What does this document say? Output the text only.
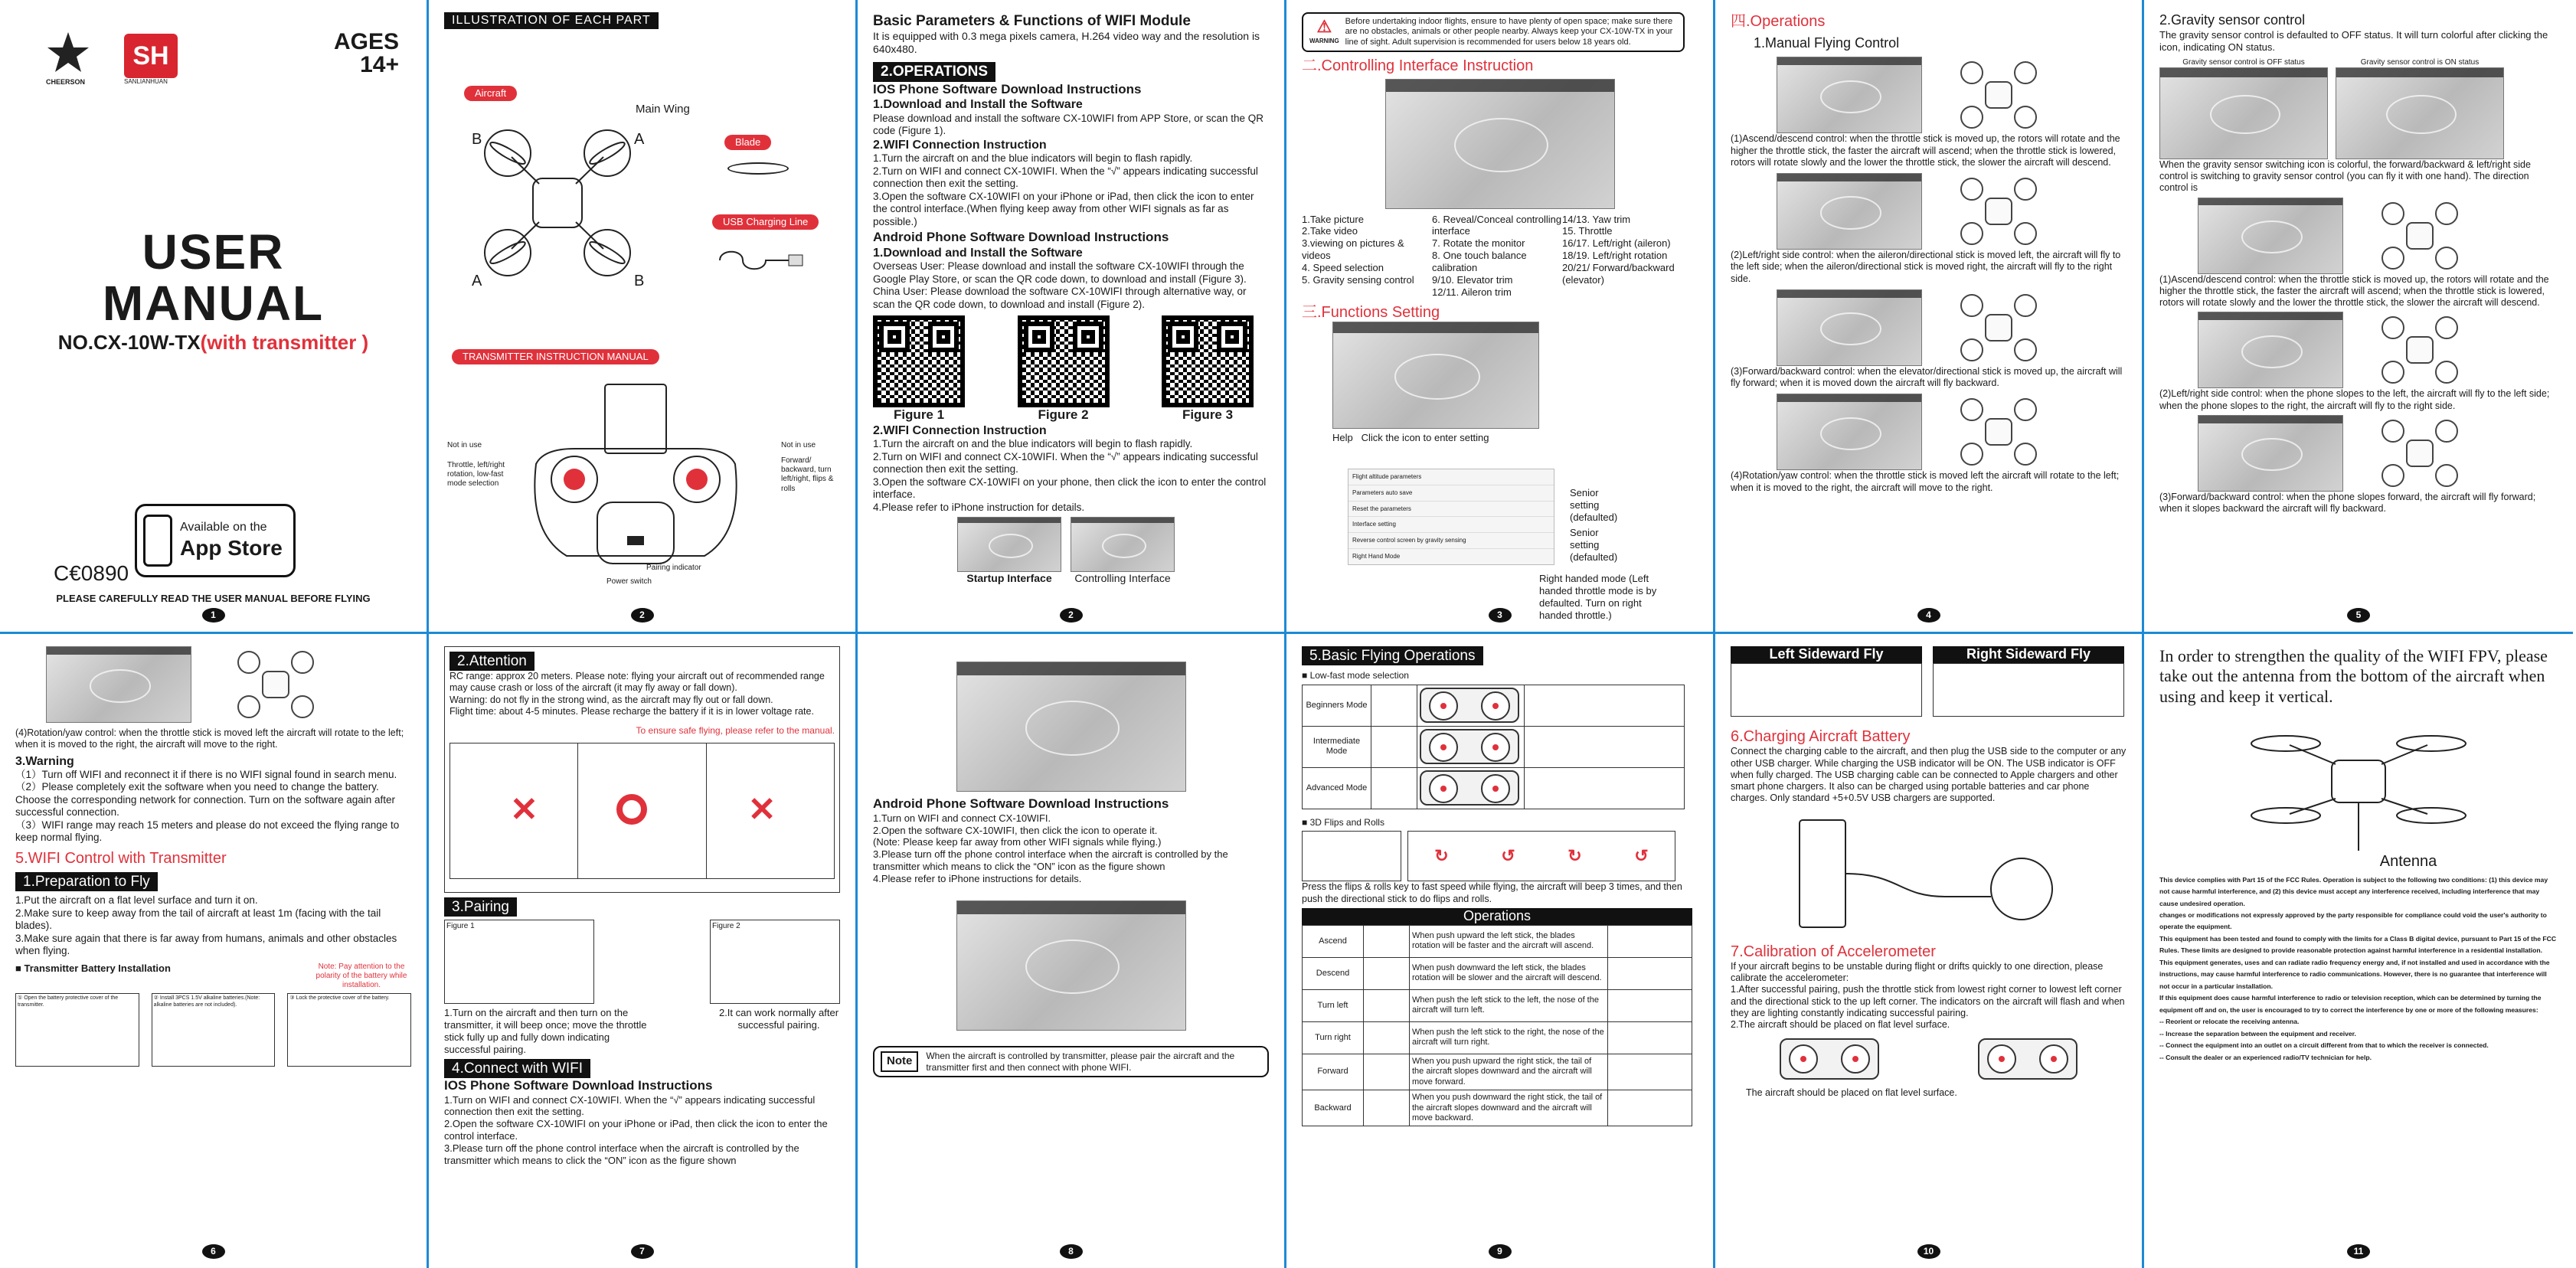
CHEERSON
SH
SANLIANHUAN
AGES
14+
USER
MANUAL
NO.CX-10W-TX(with transmitter )
Available on the
App Store
C€0890
PLEASE CAREFULLY READ THE USER MANUAL BEFORE FLYING
1
ILLUSTRATION OF EACH PART
Aircraft
Main Wing
B	A
A	B
Blade
USB Charging Line
TRANSMITTER INSTRUCTION MANUAL
Not in use
Throttle, left/right rotation, low-fast mode selection
Not in use
Forward/ backward, turn left/right, flips & rolls
Pairing indicator
Power switch
2
Basic Parameters & Functions of WIFI Module
It is equipped with 0.3 mega pixels camera, H.264 video way and the resolution is 640x480.
2.OPERATIONS
IOS Phone Software Download Instructions
1.Download and Install the Software
Please download and install the software CX-10WIFI from APP Store, or scan the QR code (Figure 1).
2.WIFI Connection Instruction
1.Turn the aircraft on and the blue indicators will begin to flash rapidly.
2.Turn on WIFI and connect CX-10WIFI. When the “√” appears indicating successful connection then exit the setting.
3.Open the software CX-10WIFI on your iPhone or iPad, then click the icon to enter the control interface.(When flying keep away from other WIFI signals as far as possible.)
Android Phone Software Download Instructions
1.Download and Install the Software
Overseas User: Please download and install the software CX-10WIFI through the Google Play Store, or scan the QR code down, to download and install (Figure 3). China User: Please download the software CX-10WIFI through alternative way, or scan the QR code down, to download and install (Figure 2).
Figure 1	Figure 2	Figure 3
2.WIFI Connection Instruction
1.Turn the aircraft on and the blue indicators will begin to flash rapidly.
2.Turn on WIFI and connect CX-10WIFI. When the “√” appears indicating successful connection then exit the setting.
3.Open the software CX-10WIFI on your phone, then click the icon to enter the control interface.
4.Please refer to iPhone instruction for details.
Startup Interface	Controlling Interface
2
⚠
WARNING
Before undertaking indoor flights, ensure to have plenty of open space; make sure there are no obstacles, animals or other people nearby. Always keep your CX-10W-TX in your line of sight. Adult supervision is recommended for users below 18 years old.
二.Controlling Interface Instruction
1.Take picture
2.Take video
3.viewing on pictures & videos
4. Speed selection
5. Gravity sensing control
6. Reveal/Conceal controlling interface
7. Rotate the monitor
8. One touch balance calibration
9/10. Elevator trim
12/11. Aileron trim
14/13. Yaw trim
15. Throttle
16/17. Left/right (aileron)
18/19. Left/right rotation
20/21/ Forward/backward (elevator)
三.Functions Setting
Help Click the icon to enter setting
Flight altitude parameters
Parameters auto save
Reset the parameters
Interface setting
Reverse control screen by gravity sensing
Right Hand Mode
Senior setting (defaulted)
Senior setting (defaulted)
Right handed mode (Left handed throttle mode is by defaulted. Turn on right handed throttle.)
3
四.Operations
1.Manual Flying Control
(1)Ascend/descend control: when the throttle stick is moved up, the rotors will rotate and the higher the throttle stick, the faster the aircraft will ascend; when the throttle stick is lowered, rotors will rotate slowly and the lower the throttle stick, the slower the aircraft will descend.
(2)Left/right side control: when the aileron/directional stick is moved left, the aircraft will fly to the left side; when the aileron/directional stick is moved right, the aircraft will fly to the right side.
(3)Forward/backward control: when the elevator/directional stick is moved up, the aircraft will fly forward; when it is moved down the aircraft will fly backward.
(4)Rotation/yaw control: when the throttle stick is moved left the aircraft will rotate to the left; when it is moved to the right, the aircraft will move to the right.
4
2.Gravity sensor control
The gravity sensor control is defaulted to OFF status. It will turn colorful after clicking the icon, indicating ON status.
Gravity sensor control is OFF status	Gravity sensor control is ON status
When the gravity sensor switching icon is colorful, the forward/backward & left/right side control is switching to gravity sensor control (you can fly it with one hand). The direction control is
(1)Ascend/descend control: when the throttle stick is moved up, the rotors will rotate and the higher the throttle stick, the faster the aircraft will ascend; when the throttle stick is lowered, rotors will rotate slowly and the lower the throttle stick, the slower the aircraft will descend.
(2)Left/right side control: when the phone slopes to the left, the aircraft will fly to the left side; when the phone slopes to the right, the aircraft will fly to the right side.
(3)Forward/backward control: when the phone slopes forward, the aircraft will fly forward; when it slopes backward the aircraft will fly backward.
5
(4)Rotation/yaw control: when the throttle stick is moved left the aircraft will rotate to the left; when it is moved to the right, the aircraft will move to the right.
3.Warning
（1）Turn off WIFI and reconnect it if there is no WIFI signal found in search menu.
（2）Please completely exit the software when you need to change the battery. Choose the corresponding network for connection. Turn on the software again after successful connection.
（3）WIFI range may reach 15 meters and please do not exceed the flying range to keep normal flying.
5.WIFI Control with Transmitter
1.Preparation to Fly
1.Put the aircraft on a flat level surface and turn it on.
2.Make sure to keep away from the tail of aircraft at least 1m (facing with the tail blades).
3.Make sure again that there is far away from humans, animals and other obstacles when flying.
■ Transmitter Battery Installation	Note: Pay attention to the polarity of the battery while installation.
① Open the battery protective cover of the transmitter.
② Install 3PCS 1.5V alkaline batteries.(Note: alkaline batteries are not included).
③ Lock the protective cover of the battery.
6
2.Attention
RC range: approx 20 meters. Please note: flying your aircraft out of recommended range may cause crash or loss of the aircraft (it may fly away or fall down).
Warning: do not fly in the strong wind, as the aircraft may fly out or fall down.
Flight time: about 4-5 minutes. Please recharge the battery if it is in lower voltage rate.
To ensure safe flying, please refer to the manual.
✕	✕
3.Pairing
Figure 1	Figure 2
1.Turn on the aircraft and then turn on the transmitter, it will beep once; move the throttle stick fully up and fully down indicating successful pairing.
2.It can work normally after successful pairing.
4.Connect with WIFI
IOS Phone Software Download Instructions
1.Turn on WIFI and connect CX-10WIFI. When the “√” appears indicating successful connection then exit the setting.
2.Open the software CX-10WIFI on your iPhone or iPad, then click the icon to enter the control interface.
3.Please turn off the phone control interface when the aircraft is controlled by the transmitter which means to click the “ON” icon as the figure shown
7
Android Phone Software Download Instructions
1.Turn on WIFI and connect CX-10WIFI.
2.Open the software CX-10WIFI, then click the icon to operate it.
(Note: Please keep far away from other WIFI signals while flying.)
3.Please turn off the phone control interface when the aircraft is controlled by the transmitter which means to click the “ON” icon as the figure shown
4.Please refer to iPhone instructions for details.
Note	When the aircraft is controlled by transmitter, please pair the aircraft and the transmitter first and then connect with phone WIFI.
8
5.Basic Flying Operations
■ Low-fast mode selection
Beginners Mode		

Intermediate Mode		

Advanced Mode		

■ 3D Flips and Rolls
↻	↺	↻	↺
Press the flips & rolls key to fast speed while flying, the aircraft will beep 3 times, and then push the directional stick to do flips and rolls.
Operations
Ascend		When push upward the left stick, the blades rotation will be faster and the aircraft will ascend.	
Descend		When push downward the left stick, the blades rotation will be slower and the aircraft will descend.	
Turn left		When push the left stick to the left, the nose of the aircraft will turn left.	
Turn right		When push the left stick to the right, the nose of the aircraft will turn right.	
Forward		When you push upward the right stick, the tail of the aircraft slopes downward and the aircraft will move forward.	
Backward		When you push downward the right stick, the tail of the aircraft slopes downward and the aircraft will move backward.	
9
Left Sideward Fly	Right Sideward Fly
6.Charging Aircraft Battery
Connect the charging cable to the aircraft, and then plug the USB side to the computer or any other USB charger. While charging the USB indicator will be ON. The USB indicator is OFF when fully charged. The USB charging cable can be connected to Apple chargers and other smart phone chargers. It also can be charged using portable batteries and car phone charges. Only standard +5+0.5V USB chargers are supported.
7.Calibration of Accelerometer
If your aircraft begins to be unstable during flight or drifts quickly to one direction, please calibrate the accelerometer:
1.After successful pairing, push the throttle stick from lowest right corner to lowest left corner and the directional stick to the up left corner. The indicators on the aircraft will flash and when they are lighting constantly indicating successful pairing.
2.The aircraft should be placed on flat level surface.
The aircraft should be placed on flat level surface.
10
In order to strengthen the quality of the WIFI FPV, please take out the antenna from the bottom of the aircraft when using and keep it vertical.
Antenna
This device complies with Part 15 of the FCC Rules. Operation is subject to the following two conditions: (1) this device may not cause harmful interference, and (2) this device must accept any interference received, including interference that may cause undesired operation.
changes or modifications not expressly approved by the party responsible for compliance could void the user's authority to operate the equipment.
This equipment has been tested and found to comply with the limits for a Class B digital device, pursuant to Part 15 of the FCC Rules. These limits are designed to provide reasonable protection against harmful interference in a residential installation. This equipment generates, uses and can radiate radio frequency energy and, if not installed and used in accordance with the instructions, may cause harmful interference to radio communications. However, there is no guarantee that interference will not occur in a particular installation.
If this equipment does cause harmful interference to radio or television reception, which can be determined by turning the equipment off and on, the user is encouraged to try to correct the interference by one or more of the following measures:
-- Reorient or relocate the receiving antenna.
-- Increase the separation between the equipment and receiver.
-- Connect the equipment into an outlet on a circuit different from that to which the receiver is connected.
-- Consult the dealer or an experienced radio/TV technician for help.
11
